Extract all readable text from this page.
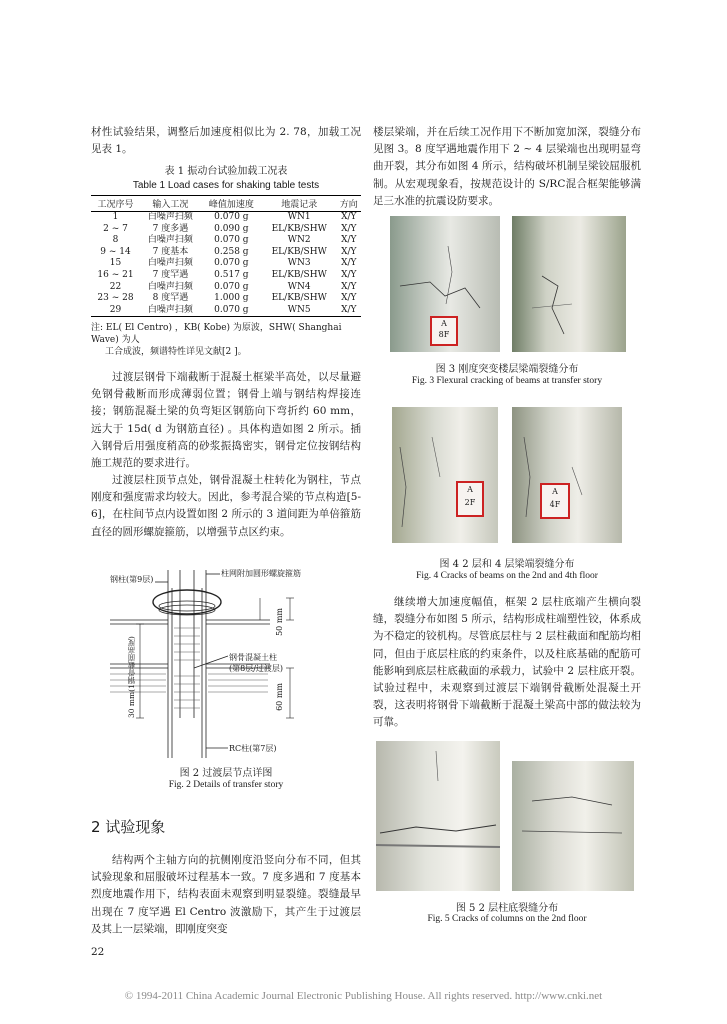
材性试验结果，调整后加速度相似比为 2. 78，加载工况见表 1。
表 1 振动台试验加载工况表
Table 1 Load cases for shaking table tests
工况序号	输入工况	峰值加速度	地震记录	方向
1	白噪声扫频	0.070 g	WN1	X/Y
2 ~ 7	7 度多遇	0.090 g	EL/KB/SHW	X/Y
8	白噪声扫频	0.070 g	WN2	X/Y
9 ~ 14	7 度基本	0.258 g	EL/KB/SHW	X/Y
15	白噪声扫频	0.070 g	WN3	X/Y
16 ~ 21	7 度罕遇	0.517 g	EL/KB/SHW	X/Y
22	白噪声扫频	0.070 g	WN4	X/Y
23 ~ 28	8 度罕遇	1.000 g	EL/KB/SHW	X/Y
29	白噪声扫频	0.070 g	WN5	X/Y
注: EL( El Centro) ，KB( Kobe) 为原波，SHW( Shanghai Wave) 为人
工合成波，频谱特性详见文献[2 ]。
过渡层钢骨下端截断于混凝土框梁半高处，以尽量避免钢骨截断而形成薄弱位置；钢骨上端与钢结构焊接连接；钢筋混凝土梁的负弯矩区钢筋向下弯折约 60 mm，远大于 15d( d 为钢筋直径) 。具体构造如图 2 所示。插入钢骨后用强度稍高的砂浆振捣密实，钢骨定位按钢结构施工规范的要求进行。
过渡层柱顶节点处，钢骨混凝土柱转化为钢柱，节点刚度和强度需求均较大。因此，参考混合梁的节点构造[5-6]，在柱间节点内设置如图 2 所示的 3 道间距为单倍箍筋直径的圆形螺旋箍筋，以增强节点区约束。
钢柱(第9层)
柱网附加圆形螺旋箍筋
50 mm
30 mm(1钢骨截面高度)	钢骨混凝土柱
(第8层/过渡层)
60 mm
RC柱(第7层)
图 2 过渡层节点详图
Fig. 2 Details of transfer story
2 试验现象
结构两个主轴方向的抗侧刚度沿竖向分布不同，但其试验现象和屈服破坏过程基本一致。7 度多遇和 7 度基本烈度地震作用下，结构表面未观察到明显裂缝。裂缝最早出现在 7 度罕遇 El Centro 波激励下，其产生于过渡层及其上一层梁端，即刚度突变
22
楼层梁端，并在后续工况作用下不断加宽加深，裂缝分布见图 3。8 度罕遇地震作用下 2 ~ 4 层梁端也出现明显弯曲开裂，其分布如图 4 所示，结构破坏机制呈梁铰屈服机制。从宏观现象看，按规范设计的 S/RC混合框架能够满足三水准的抗震设防要求。
A
8F
图 3 刚度突变楼层梁端裂缝分布
Fig. 3 Flexural cracking of beams at transfer story
A
2F
A
4F
图 4 2 层和 4 层梁端裂缝分布
Fig. 4 Cracks of beams on the 2nd and 4th floor
继续增大加速度幅值，框架 2 层柱底端产生横向裂缝，裂缝分布如图 5 所示，结构形成柱端塑性铰，体系成为不稳定的铰机构。尽管底层柱与 2 层柱截面和配筋均相同，但由于底层柱底的约束条件，以及柱底基础的配筋可能影响到底层柱底截面的承载力，试验中 2 层柱底开裂。试验过程中，未观察到过渡层下端钢骨截断处混凝土开裂，这表明将钢骨下端截断于混凝土梁高中部的做法较为可靠。
图 5 2 层柱底裂缝分布
Fig. 5 Cracks of columns on the 2nd floor
© 1994-2011 China Academic Journal Electronic Publishing House. All rights reserved. http://www.cnki.net
